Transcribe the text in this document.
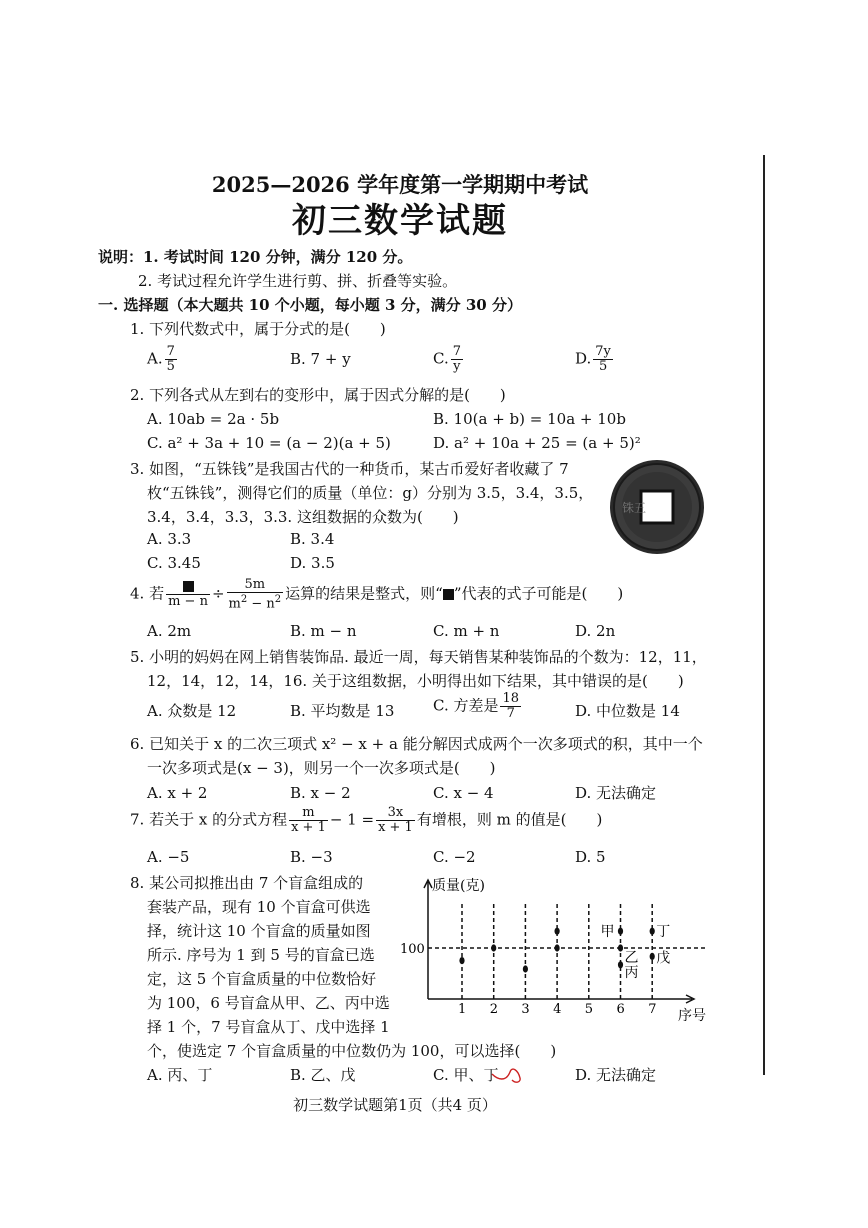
2025—2026 学年度第一学期期中考试
初三数学试题
说明：1. 考试时间 120 分钟，满分 120 分。
2. 考试过程允许学生进行剪、拼、折叠等实验。
一. 选择题（本大题共 10 个小题，每小题 3 分，满分 30 分）
1. 下列代数式中，属于分式的是(　　)
A. $\frac{7}{5}$	B. 7 + y	C. $\frac{7}{y}$	D. $\frac{7y}{5}$
2. 下列各式从左到右的变形中，属于因式分解的是(　　)
A. 10ab = 2a · 5b	B. 10(a + b) = 10a + 10b
C. a² + 3a + 10 = (a − 2)(a + 5)	D. a² + 10a + 25 = (a + 5)²
3. 如图，“五铢钱”是我国古代的一种货币，某古币爱好者收藏了 7
枚“五铢钱”，测得它们的质量（单位：g）分别为 3.5，3.4，3.5，
3.4，3.4，3.3，3.3. 这组数据的众数为(　　)
A. 3.3	B. 3.4
C. 3.45	D. 3.5
铢五
4. 若 $m - n \div \frac{5m}{m^2 - n^2}$ 运算的结果是整式，则“ ”代表的式子可能是(　　)
A. 2m	B. m − n	C. m + n	D. 2n
5. 小明的妈妈在网上销售装饰品. 最近一周，每天销售某种装饰品的个数为：12，11，
12，14，12，14，16. 关于这组数据，小明得出如下结果，其中错误的是(　　)
A. 众数是 12	B. 平均数是 13	C. 方差是 $\frac{18}{7}$	D. 中位数是 14
6. 已知关于 x 的二次三项式 x² − x + a 能分解因式成两个一次多项式的积，其中一个
一次多项式是(x − 3)，则另一个一次多项式是(　　)
A. x + 2	B. x − 2	C. x − 4	D. 无法确定
7. 若关于 x 的分式方程 $\frac{m}{x + 1} - 1 = \frac{3x}{x + 1}$ 有增根，则 m 的值是(　　)
A. −5	B. −3	C. −2	D. 5
8. 某公司拟推出由 7 个盲盒组成的
套装产品，现有 10 个盲盒可供选
择，统计这 10 个盲盒的质量如图
所示. 序号为 1 到 5 号的盲盒已选
定，这 5 个盲盒质量的中位数恰好
为 100，6 号盲盒从甲、乙、丙中选
择 1 个，7 号盲盒从丁、戊中选择 1
个，使选定 7 个盲盒质量的中位数仍为 100，可以选择(　　)
A. 丙、丁	B. 乙、戊	C. 甲、丁	D. 无法确定
质量(克)
序号
100
1 2 3 4 5 6 7
甲
乙
丙
丁
戊
初三数学试题第1页（共4 页）
